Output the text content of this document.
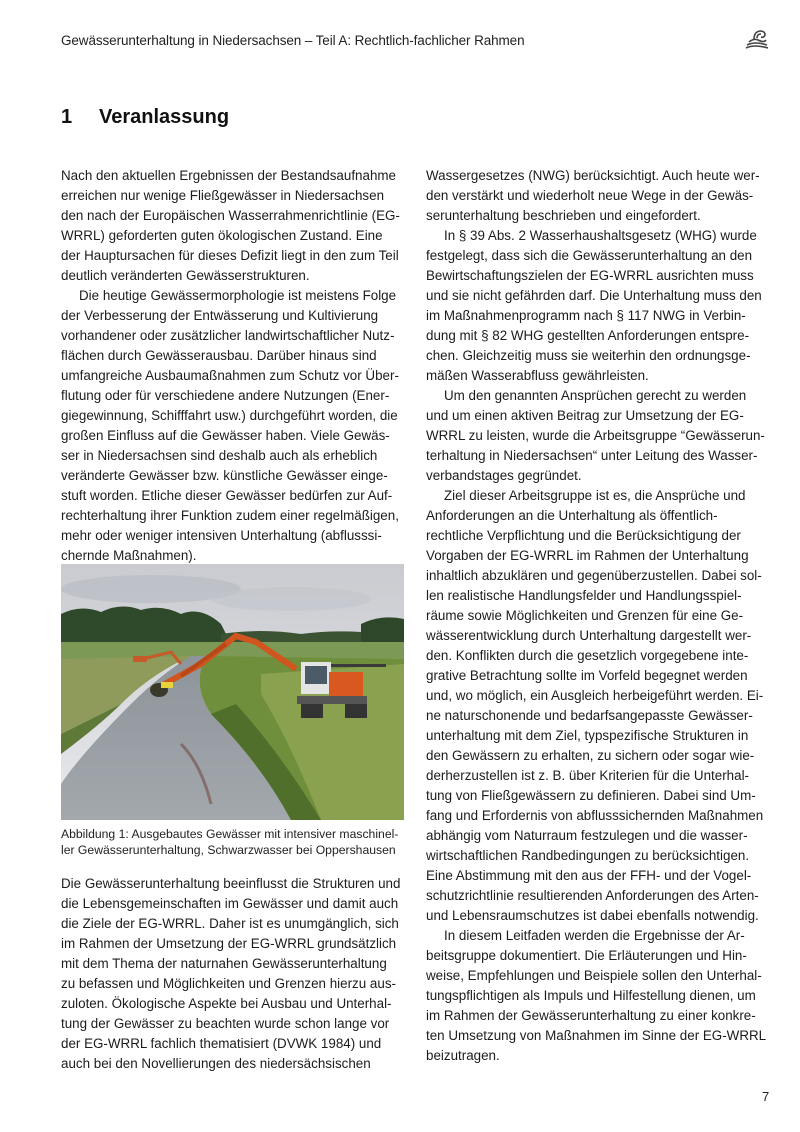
Gewässerunterhaltung in Niedersachsen – Teil A: Rechtlich-fachlicher Rahmen
1 Veranlassung

Nach den aktuellen Ergebnissen der Bestandsaufnahme
erreichen nur wenige Fließgewässer in Niedersachsen
den nach der Europäischen Wasserrahmenrichtlinie (EG-
WRRL) geforderten guten ökologischen Zustand. Eine
der Hauptursachen für dieses Defizit liegt in den zum Teil
deutlich veränderten Gewässerstrukturen.

Die heutige Gewässermorphologie ist meistens Folge
der Verbesserung der Entwässerung und Kultivierung
vorhandener oder zusätzlicher landwirtschaftlicher Nutz-
flächen durch Gewässerausbau. Darüber hinaus sind
umfangreiche Ausbaumaßnahmen zum Schutz vor Über-
flutung oder für verschiedene andere Nutzungen (Ener-
giegewinnung, Schifffahrt usw.) durchgeführt worden, die
großen Einfluss auf die Gewässer haben. Viele Gewäs-
ser in Niedersachsen sind deshalb auch als erheblich
veränderte Gewässer bzw. künstliche Gewässer einge-
stuft worden. Etliche dieser Gewässer bedürfen zur Auf-
rechterhaltung ihrer Funktion zudem einer regelmäßigen,
mehr oder weniger intensiven Unterhaltung (abflusssi-
chernde Maßnahmen).

Abbildung 1: Ausgebautes Gewässer mit intensiver maschinel-
ler Gewässerunterhaltung, Schwarzwasser bei Oppershausen

Die Gewässerunterhaltung beeinflusst die Strukturen und
die Lebensgemeinschaften im Gewässer und damit auch
die Ziele der EG-WRRL. Daher ist es unumgänglich, sich
im Rahmen der Umsetzung der EG-WRRL grundsätzlich
mit dem Thema der naturnahen Gewässerunterhaltung
zu befassen und Möglichkeiten und Grenzen hierzu aus-
zuloten. Ökologische Aspekte bei Ausbau und Unterhal-
tung der Gewässer zu beachten wurde schon lange vor
der EG-WRRL fachlich thematisiert (DVWK 1984) und
auch bei den Novellierungen des niedersächsischen

Wassergesetzes (NWG) berücksichtigt. Auch heute wer-
den verstärkt und wiederholt neue Wege in der Gewäs-
serunterhaltung beschrieben und eingefordert.

In § 39 Abs. 2 Wasserhaushaltsgesetz (WHG) wurde
festgelegt, dass sich die Gewässerunterhaltung an den
Bewirtschaftungszielen der EG-WRRL ausrichten muss
und sie nicht gefährden darf. Die Unterhaltung muss den
im Maßnahmenprogramm nach § 117 NWG in Verbin-
dung mit § 82 WHG gestellten Anforderungen entspre-
chen. Gleichzeitig muss sie weiterhin den ordnungsge-
mäßen Wasserabfluss gewährleisten.

Um den genannten Ansprüchen gerecht zu werden
und um einen aktiven Beitrag zur Umsetzung der EG-
WRRL zu leisten, wurde die Arbeitsgruppe “Gewässerun-
terhaltung in Niedersachsen“ unter Leitung des Wasser-
verbandstages gegründet.

Ziel dieser Arbeitsgruppe ist es, die Ansprüche und
Anforderungen an die Unterhaltung als öffentlich-
rechtliche Verpflichtung und die Berücksichtigung der
Vorgaben der EG-WRRL im Rahmen der Unterhaltung
inhaltlich abzuklären und gegenüberzustellen. Dabei sol-
len realistische Handlungsfelder und Handlungsspiel-
räume sowie Möglichkeiten und Grenzen für eine Ge-
wässerentwicklung durch Unterhaltung dargestellt wer-
den. Konflikten durch die gesetzlich vorgegebene inte-
grative Betrachtung sollte im Vorfeld begegnet werden
und, wo möglich, ein Ausgleich herbeigeführt werden. Ei-
ne naturschonende und bedarfsangepasste Gewässer-
unterhaltung mit dem Ziel, typspezifische Strukturen in
den Gewässern zu erhalten, zu sichern oder sogar wie-
derherzustellen ist z. B. über Kriterien für die Unterhal-
tung von Fließgewässern zu definieren. Dabei sind Um-
fang und Erfordernis von abflusssichernden Maßnahmen
abhängig vom Naturraum festzulegen und die wasser-
wirtschaftlichen Randbedingungen zu berücksichtigen.
Eine Abstimmung mit den aus der FFH- und der Vogel-
schutzrichtlinie resultierenden Anforderungen des Arten-
und Lebensraumschutzes ist dabei ebenfalls notwendig.

In diesem Leitfaden werden die Ergebnisse der Ar-
beitsgruppe dokumentiert. Die Erläuterungen und Hin-
weise, Empfehlungen und Beispiele sollen den Unterhal-
tungspflichtigen als Impuls und Hilfestellung dienen, um
im Rahmen der Gewässerunterhaltung zu einer konkre-
ten Umsetzung von Maßnahmen im Sinne der EG-WRRL
beizutragen.

7
